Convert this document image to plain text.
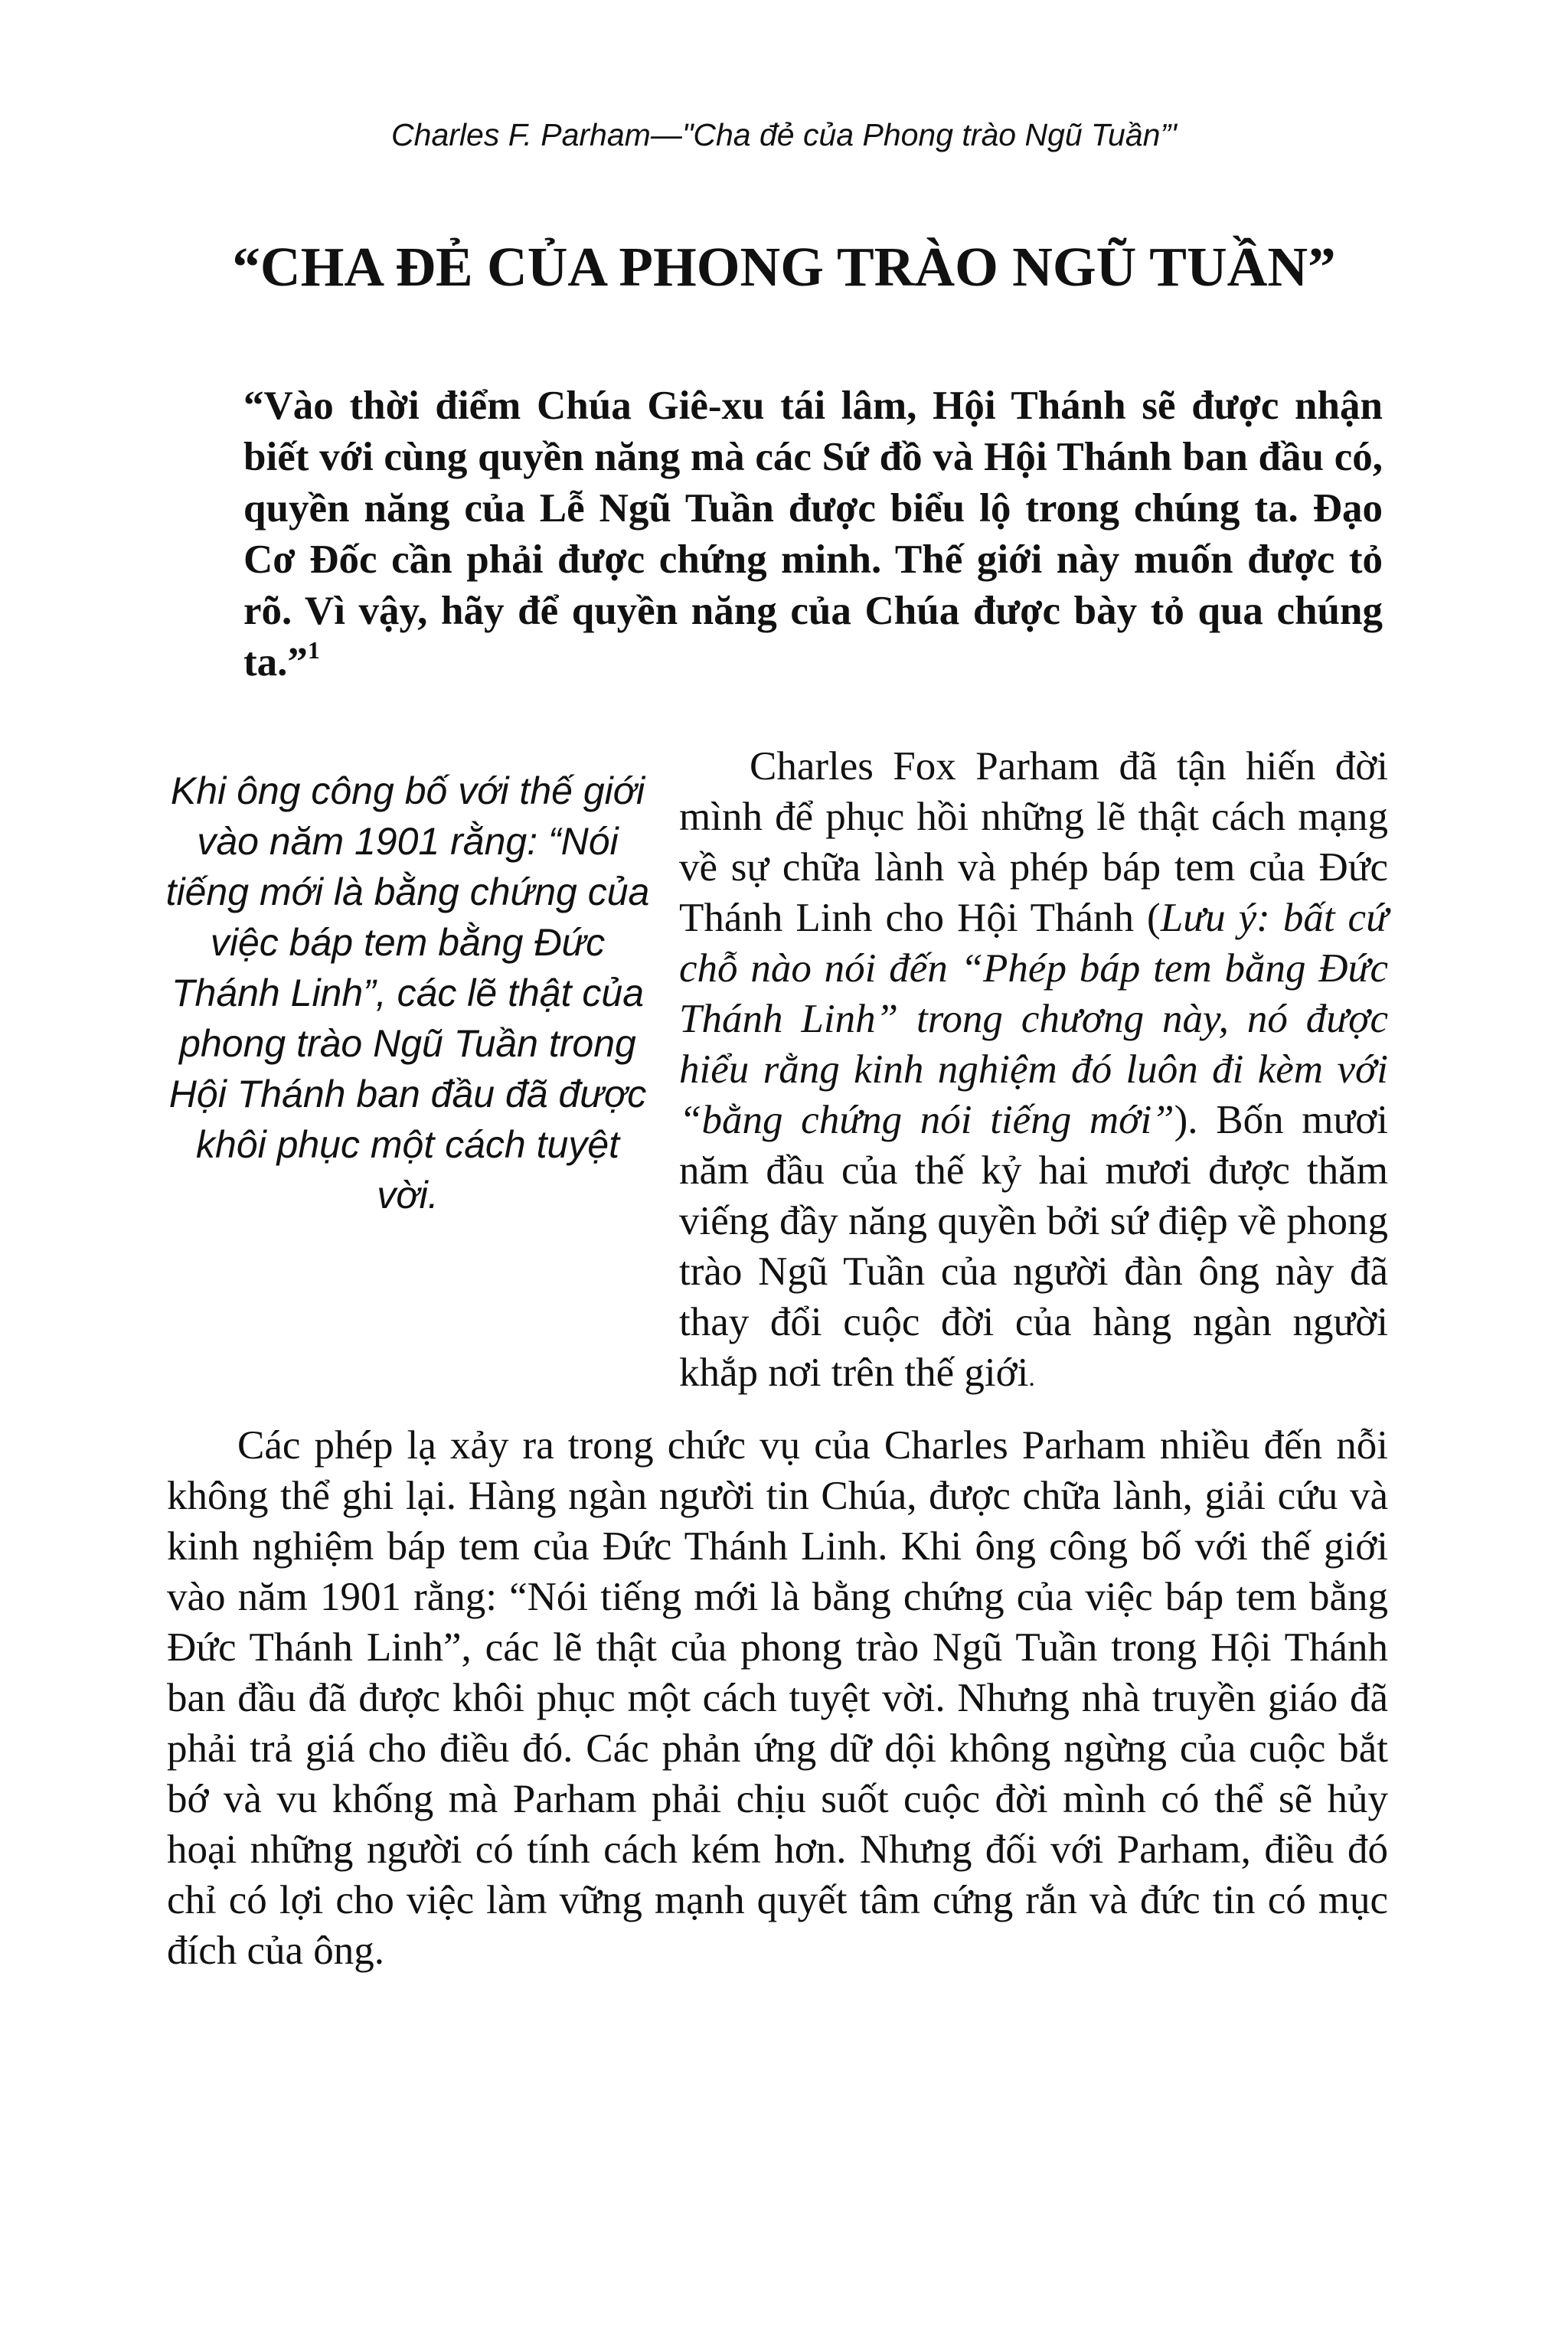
Charles F. Parham—"Cha đẻ của Phong trào Ngũ Tuần”'
“CHA ĐẺ CỦA PHONG TRÀO NGŨ TUẦN”

“Vào thời điểm Chúa Giê-xu tái lâm, Hội Thánh sẽ được nhận biết với cùng quyền năng mà các Sứ đồ và Hội Thánh ban đầu có, quyền năng của Lễ Ngũ Tuần được biểu lộ trong chúng ta. Đạo Cơ Đốc cần phải được chứng minh. Thế giới này muốn được tỏ rõ. Vì vậy, hãy để quyền năng của Chúa được bày tỏ qua chúng ta.”$^1$

Khi ông công bố với thế giới vào năm 1901 rằng: “Nói tiếng mới là bằng chứng của việc báp tem bằng Đức Thánh Linh”, các lẽ thật của phong trào Ngũ Tuần trong Hội Thánh ban đầu đã được khôi phục một cách tuyệt vời.

Charles Fox Parham đã tận hiến đời mình để phục hồi những lẽ thật cách mạng về sự chữa lành và phép báp tem của Đức Thánh Linh cho Hội Thánh (Lưu ý: bất cứ chỗ nào nói đến “Phép báp tem bằng Đức Thánh Linh” trong chương này, nó được hiểu rằng kinh nghiệm đó luôn đi kèm với “bằng chứng nói tiếng mới”). Bốn mươi năm đầu của thế kỷ hai mươi được thăm viếng đầy năng quyền bởi sứ điệp về phong trào Ngũ Tuần của người đàn ông này đã thay đổi cuộc đời của hàng ngàn người khắp nơi trên thế giới.

Các phép lạ xảy ra trong chức vụ của Charles Parham nhiều đến nỗi không thể ghi lại. Hàng ngàn người tin Chúa, được chữa lành, giải cứu và kinh nghiệm báp tem của Đức Thánh Linh. Khi ông công bố với thế giới vào năm 1901 rằng: “Nói tiếng mới là bằng chứng của việc báp tem bằng Đức Thánh Linh”, các lẽ thật của phong trào Ngũ Tuần trong Hội Thánh ban đầu đã được khôi phục một cách tuyệt vời. Nhưng nhà truyền giáo đã phải trả giá cho điều đó. Các phản ứng dữ dội không ngừng của cuộc bắt bớ và vu khống mà Parham phải chịu suốt cuộc đời mình có thể sẽ hủy hoại những người có tính cách kém hơn. Nhưng đối với Parham, điều đó chỉ có lợi cho việc làm vững mạnh quyết tâm cứng rắn và đức tin có mục đích của ông.
